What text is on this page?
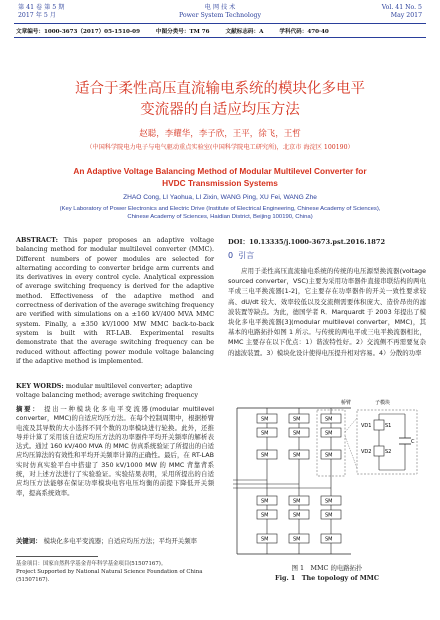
第 41 卷 第 5 期
2017 年 5 月
电 网 技 术
Power System Technology
Vol. 41 No. 5
May 2017
文章编号：1000-3673（2017）05-1510-09	中图分类号：TM 76	文献标志码：A	学科代码：470·40
适合于柔性高压直流输电系统的模块化多电平
变流器的自适应均压方法
赵聪，李耀华，李子欣，王平，徐飞，王哲
（中国科学院电力电子与电气驱动重点实验室(中国科学院电工研究所)，北京市 海淀区 100190）
An Adaptive Voltage Balancing Method of Modular Multilevel Converter for
HVDC Transmission Systems
ZHAO Cong, LI Yaohua, LI Zixin, WANG Ping, XU Fei, WANG Zhe
(Key Laboratory of Power Electronics and Electric Drive (Institute of Electrical Engineering, Chinese Academy of Sciences),
Chinese Academy of Sciences, Haidian District, Beijing 100190, China)
ABSTRACT: This paper proposes an adaptive voltage balancing method for modular multilevel converter (MMC). Different numbers of power modules are selected for alternating according to converter bridge arm currents and its derivatives in every control cycle. Analytical expression of average switching frequency is derived for the adaptive method. Effectiveness of the adaptive method and correctness of derivation of the average switching frequency are verified with simulations on a ±160 kV/400 MVA MMC system. Finally, a ±350 kV/1000 MW MMC back-to-back system is built with RT-LAB. Experimental results demonstrate that the average switching frequency can be reduced without affecting power module voltage balancing if the adaptive method is implemented.
KEY WORDS: modular multilevel converter; adaptive voltage balancing method; average switching frequency
摘要： 提出一种模块化多电平变流器(modular multilevel converter，MMC)的自适应均压方法。在每个控制周期中，根据桥臂电流及其导数的大小选择不同个数的功率模块进行轮换。此外，还推导并计算了采用该自适应均压方法的功率器件平均开关频率的解析表达式。通过 160 kV/400 MVA 的 MMC 仿真系统验证了所提出的自适应均压算法的有效性和平均开关频率计算的正确性。最后，在 RT-LAB 实时仿真实验平台中搭建了 350 kV/1000 MW 的 MMC 背靠背系统，对上述方法进行了实验验证。实验结果表明，采用所提出的自适应均压方法能够在保证功率模块电容电压均衡的前提下降低开关频率，提高系统效率。
关键词： 模块化多电平变流器；自适应均压方法；平均开关频率
基金项目：国家自然科学基金青年科学基金项目(51507167)。
Project Supported by National Natural Science Foundation of China
(51507167).
DOI：10.13335/j.1000-3673.pst.2016.1872
0 引言
应用于柔性高压直流输电系统的传统的电压源型换流器(voltage sourced converter，VSC)主要为采用功率器件直接串联结构的两电平或三电平换流器[1-2]，它主要存在功率器件的开关一致性要求较高、dU/dt 较大、效率较低以及交流侧需要体积庞大、造价昂贵的滤波装置等缺点。为此，德国学者 R．Marquardt 于 2003 年提出了模块化多电平换流器[3](modular multilevel converter，MMC)，其基本的电路拓扑如图 1 所示。与传统的两电平或三电平换流器相比，MMC 主要存在以下优点：1）谐波特性好。2）交流侧不再需要复杂的滤波装置。3）模块化设计使得电压提升相对容易。4）分散的功率
桥臂	子模块
SM
SM
SM
SM
SM
SM
SM
SM
SM
SM
SM
SM
SM
SM
SM
SM
SM
SM
S1
S2
VD1
VD2
C
图 1　MMC 的电路拓扑
Fig. 1　The topology of MMC
